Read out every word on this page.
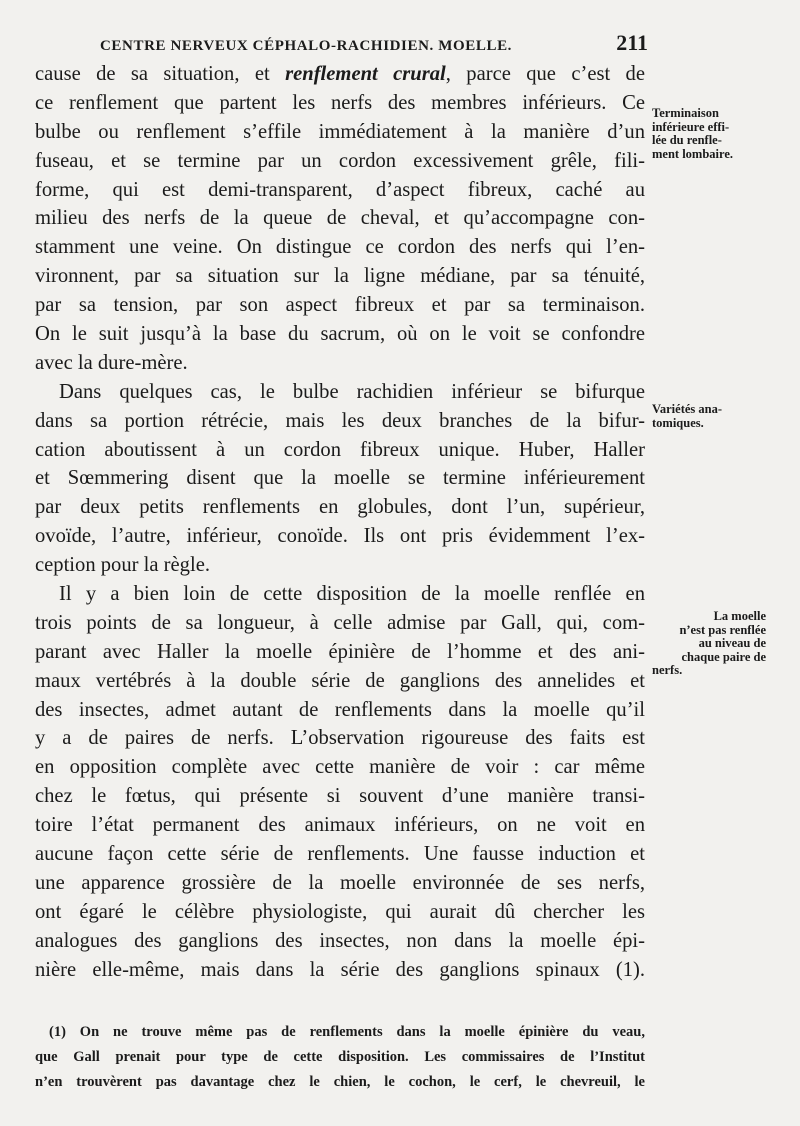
CENTRE NERVEUX CÉPHALO-RACHIDIEN. MOELLE.	211
cause de sa situation, et renflement crural, parce que c’est de
ce renflement que partent les nerfs des membres inférieurs. Ce
bulbe ou renflement s’effile immédiatement à la manière d’un
fuseau, et se termine par un cordon excessivement grêle, fili-
forme, qui est demi-transparent, d’aspect fibreux, caché au
milieu des nerfs de la queue de cheval, et qu’accompagne con-
stamment une veine. On distingue ce cordon des nerfs qui l’en-
vironnent, par sa situation sur la ligne médiane, par sa ténuité,
par sa tension, par son aspect fibreux et par sa terminaison.
On le suit jusqu’à la base du sacrum, où on le voit se confondre
avec la dure-mère.
Dans quelques cas, le bulbe rachidien inférieur se bifurque
dans sa portion rétrécie, mais les deux branches de la bifur-
cation aboutissent à un cordon fibreux unique. Huber, Haller
et Sœmmering disent que la moelle se termine inférieurement
par deux petits renflements en globules, dont l’un, supérieur,
ovoïde, l’autre, inférieur, conoïde. Ils ont pris évidemment l’ex-
ception pour la règle.
Il y a bien loin de cette disposition de la moelle renflée en
trois points de sa longueur, à celle admise par Gall, qui, com-
parant avec Haller la moelle épinière de l’homme et des ani-
maux vertébrés à la double série de ganglions des annelides et
des insectes, admet autant de renflements dans la moelle qu’il
y a de paires de nerfs. L’observation rigoureuse des faits est
en opposition complète avec cette manière de voir : car même
chez le fœtus, qui présente si souvent d’une manière transi-
toire l’état permanent des animaux inférieurs, on ne voit en
aucune façon cette série de renflements. Une fausse induction et
une apparence grossière de la moelle environnée de ses nerfs,
ont égaré le célèbre physiologiste, qui aurait dû chercher les
analogues des ganglions des insectes, non dans la moelle épi-
nière elle-même, mais dans la série des ganglions spinaux (1).
Terminaison
inférieure effi-
lée du renfle-
ment lombaire.
Variétés ana-
tomiques.
La moelle
n’est pas renflée
au niveau de
chaque paire de
nerfs.
(1) On ne trouve même pas de renflements dans la moelle épinière du veau,
que Gall prenait pour type de cette disposition. Les commissaires de l’Institut
n’en trouvèrent pas davantage chez le chien, le cochon, le cerf, le chevreuil, le
